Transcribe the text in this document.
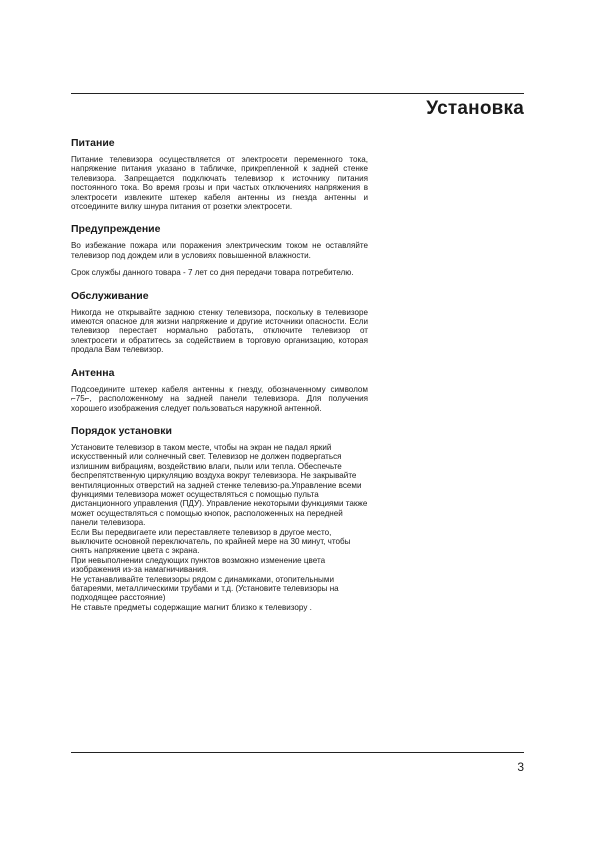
Установка
Питание

Питание телевизора осуществляется от электросети переменного тока, напряжение питания указано в табличке, прикрепленной к задней стенке телевизора. Запрещается подключать телевизор к источнику питания постоянного тока. Во время грозы и при частых отключениях напряжения в электросети извлеките штекер кабеля антенны из гнезда антенны и отсоедините вилку шнура питания от розетки электросети.

Предупреждение

Во избежание пожара или поражения электрическим током не оставляйте телевизор под дождем или в условиях повышенной влажности.

Срок службы данного товара - 7 лет со дня передачи товара потребителю.

Обслуживание

Никогда не открывайте заднюю стенку телевизора, поскольку в телевизоре имеются опасное для жизни напряжение и другие источники опасности. Если телевизор перестает нормально работать, отключите телевизор от электросети и обратитесь за содействием в торговую организацию, которая продала Вам телевизор.

Антенна

Подсоедините штекер кабеля антенны к гнезду, обозначенному символом ⌐75⌐, расположенному на задней панели телевизора. Для получения хорошего изображения следует пользоваться наружной антенной.

Порядок установки

Установите телевизор в таком месте, чтобы на экран не падал яркий искусственный или солнечный свет. Телевизор не должен подвергаться излишним вибрациям, воздействию влаги, пыли или тепла. Обеспечьте беспрепятственную циркуляцию воздуха вокруг телевизора. Не закрывайте вентиляционных отверстий на задней стенке телевизо-ра.Управление всеми функциями телевизора может осуществляться с помощью пульта дистанционного управления (ПДУ). Управление некоторыми функциями также может осуществляться с помощью кнопок, расположенных на передней панели телевизора.

Если Вы передвигаете или переставляете телевизор в другое место, выключите основной переключатель, по крайней мере на 30 минут, чтобы снять напряжение цвета с экрана.

При невыполнении следующих пунктов возможно изменение цвета изображения из-за намагничивания.

Не устанавливайте телевизоры рядом с динамиками, отопительными батареями, металлическими трубами и т.д. (Установите телевизоры на подходящее расстояние)

Не ставьте предметы содержащие магнит близко к телевизору .

3
